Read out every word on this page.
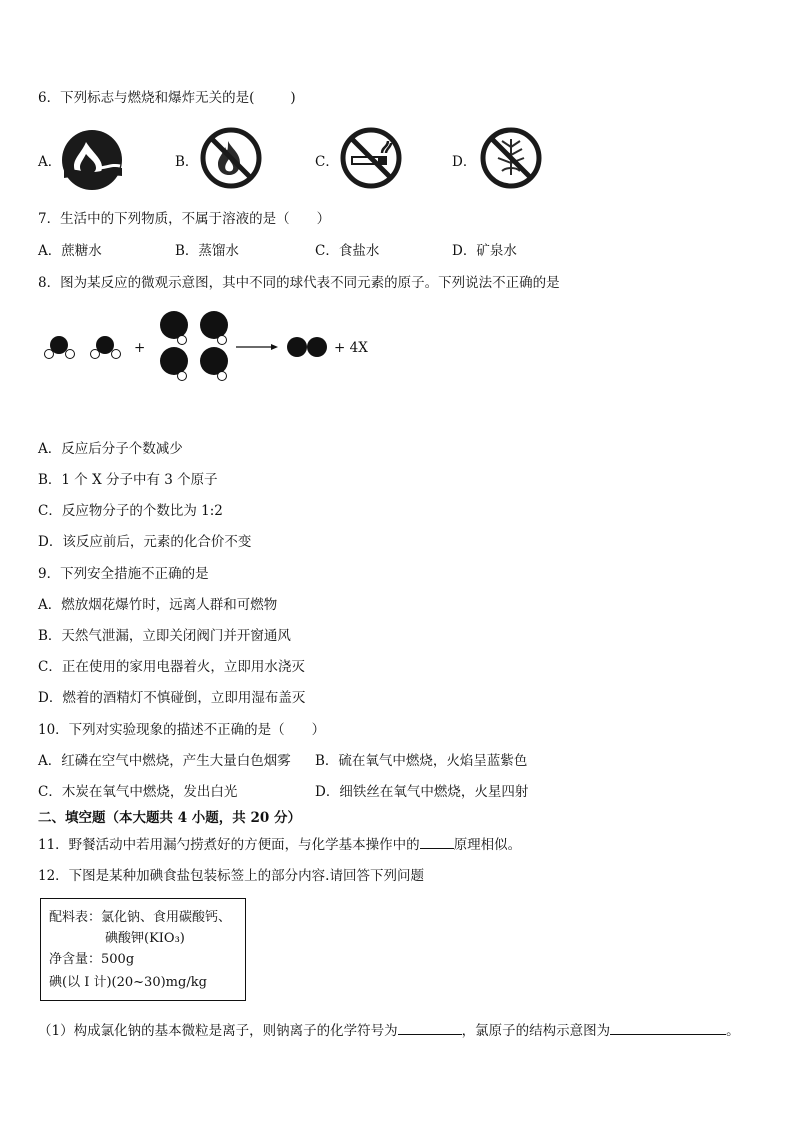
6．下列标志与燃烧和爆炸无关的是(	)
A．	B．	C．	D．
7．生活中的下列物质，不属于溶液的是（　　）
A．蔗糖水	B．蒸馏水	C．食盐水	D．矿泉水
8．图为某反应的微观示意图，其中不同的球代表不同元素的原子。下列说法不正确的是
+	+ 4X
A．反应后分子个数减少
B．1 个 X 分子中有 3 个原子
C．反应物分子的个数比为 1:2
D．该反应前后，元素的化合价不变
9．下列安全措施不正确的是
A．燃放烟花爆竹时，远离人群和可燃物
B．天然气泄漏，立即关闭阀门并开窗通风
C．正在使用的家用电器着火，立即用水浇灭
D．燃着的酒精灯不慎碰倒，立即用湿布盖灭
10．下列对实验现象的描述不正确的是（　　）
A．红磷在空气中燃烧，产生大量白色烟雾 B．硫在氧气中燃烧，火焰呈蓝紫色
C．木炭在氧气中燃烧，发出白光	D．细铁丝在氧气中燃烧，火星四射
二、填空题（本大题共 4 小题，共 20 分）
11．野餐活动中若用漏勺捞煮好的方便面，与化学基本操作中的	原理相似。
12．下图是某种加碘食盐包装标签上的部分内容.请回答下列问题
配料表：氯化钠、食用碳酸钙、
碘酸钾(KIO₃)
净含量：500g
碘(以 I 计)(20~30)mg/kg
（1）构成氯化钠的基本微粒是离子，则钠离子的化学符号为	，氯原子的结构示意图为	。
